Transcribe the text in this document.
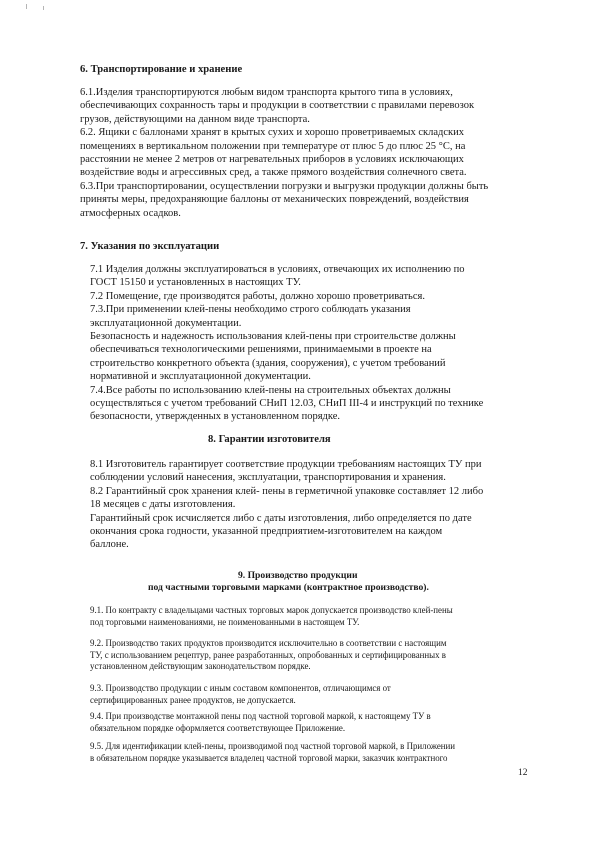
6. Транспортирование и хранение
6.1.Изделия транспортируются любым видом транспорта крытого типа в условиях,
обеспечивающих сохранность тары и продукции в соответствии с правилами перевозок
грузов, действующими на данном виде транспорта.
6.2. Ящики с баллонами хранят в крытых сухих и хорошо проветриваемых складских
помещениях в вертикальном положении при температуре от плюс 5 до плюс 25 °С, на
расстоянии не менее 2 метров от нагревательных приборов в условиях исключающих
воздействие воды и агрессивных сред, а также прямого воздействия солнечного света.
6.3.При транспортировании, осуществлении погрузки и выгрузки продукции должны быть
приняты меры, предохраняющие баллоны от механических повреждений, воздействия
атмосферных осадков.
7. Указания по эксплуатации
7.1 Изделия должны эксплуатироваться в условиях, отвечающих их исполнению по
ГОСТ 15150 и установленных в настоящих ТУ.
7.2 Помещение, где производятся работы, должно хорошо проветриваться.
7.3.При применении клей-пены необходимо строго соблюдать указания
эксплуатационной документации.
Безопасность и надежность использования клей-пены при строительстве должны
обеспечиваться технологическими решениями, принимаемыми в проекте на
строительство конкретного объекта (здания, сооружения), с учетом требований
нормативной и эксплуатационной документации.
7.4.Все работы по использованию клей-пены на строительных объектах должны
осуществляться с учетом требований СНиП 12.03, СНиП III-4 и инструкций по технике
безопасности, утвержденных в установленном порядке.
8. Гарантии изготовителя
8.1 Изготовитель гарантирует соответствие продукции требованиям настоящих ТУ при
соблюдении условий нанесения, эксплуатации, транспортирования и хранения.
8.2 Гарантийный срок хранения клей- пены в герметичной упаковке составляет 12 либо
18 месяцев с даты изготовления.
Гарантийный срок исчисляется либо с даты изготовления, либо определяется по дате
окончания срока годности, указанной предприятием-изготовителем на каждом
баллоне.
9. Производство продукции
под частными торговыми марками (контрактное производство).
9.1. По контракту с владельцами частных торговых марок допускается производство клей-пены
под торговыми наименованиями, не поименованными в настоящем ТУ.
9.2. Производство таких продуктов производится исключительно в соответствии с настоящим
ТУ, с использованием рецептур, ранее разработанных, опробованных и сертифицированных в
установленном действующим законодательством порядке.
9.3. Производство продукции с иным составом компонентов, отличающимся от
сертифицированных ранее продуктов, не допускается.
9.4. При производстве монтажной пены под частной торговой маркой, к настоящему ТУ в
обязательном порядке оформляется соответствующее Приложение.
9.5. Для идентификации клей-пены, производимой под частной торговой маркой, в Приложении
в обязательном порядке указывается владелец частной торговой марки, заказчик контрактного
12
